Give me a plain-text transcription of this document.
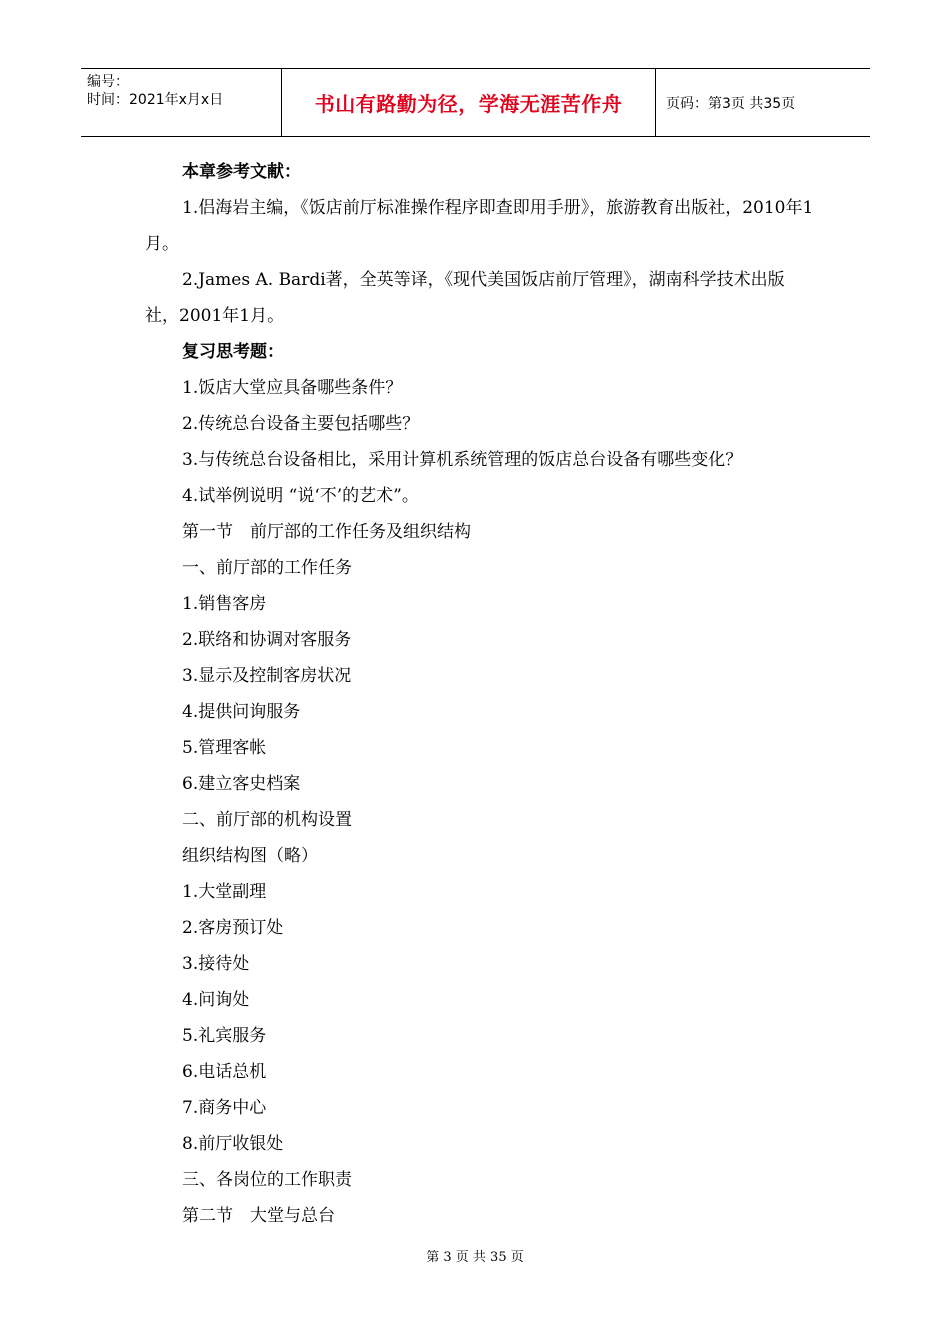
编号：
时间：2021年x月x日	书山有路勤为径，学海无涯苦作舟	页码：第3页 共35页

本章参考文献：

1.侣海岩主编，《饭店前厅标准操作程序即查即用手册》，旅游教育出版社，2010年1月。

2.James A. Bardi著，全英等译，《现代美国饭店前厅管理》，湖南科学技术出版社，2001年1月。

复习思考题：

1.饭店大堂应具备哪些条件？

2.传统总台设备主要包括哪些？

3.与传统总台设备相比，采用计算机系统管理的饭店总台设备有哪些变化？

4.试举例说明 “说‘不’的艺术”。

第一节　前厅部的工作任务及组织结构

一、前厅部的工作任务

1.销售客房

2.联络和协调对客服务

3.显示及控制客房状况

4.提供问询服务

5.管理客帐

6.建立客史档案

二、前厅部的机构设置

组织结构图（略）

1.大堂副理

2.客房预订处

3.接待处

4.问询处

5.礼宾服务

6.电话总机

7.商务中心

8.前厅收银处

三、各岗位的工作职责

第二节　大堂与总台

第 3 页 共 35 页
